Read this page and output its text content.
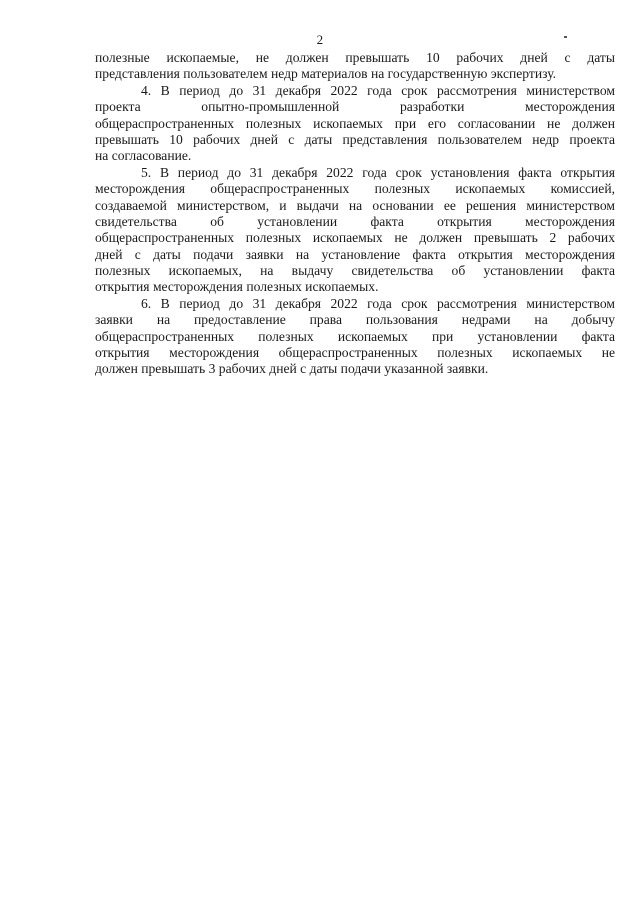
2
полезные ископаемые, не должен превышать 10 рабочих дней с даты
представления пользователем недр материалов на государственную экспертизу.
4. В период до 31 декабря 2022 года срок рассмотрения министерством
проекта опытно-промышленной разработки месторождения
общераспространенных полезных ископаемых при его согласовании не должен
превышать 10 рабочих дней с даты представления пользователем недр проекта
на согласование.
5. В период до 31 декабря 2022 года срок установления факта открытия
месторождения общераспространенных полезных ископаемых комиссией,
создаваемой министерством, и выдачи на основании ее решения министерством
свидетельства об установлении факта открытия месторождения
общераспространенных полезных ископаемых не должен превышать 2 рабочих
дней с даты подачи заявки на установление факта открытия месторождения
полезных ископаемых, на выдачу свидетельства об установлении факта
открытия месторождения полезных ископаемых.
6. В период до 31 декабря 2022 года срок рассмотрения министерством
заявки на предоставление права пользования недрами на добычу
общераспространенных полезных ископаемых при установлении факта
открытия месторождения общераспространенных полезных ископаемых не
должен превышать 3 рабочих дней с даты подачи указанной заявки.
